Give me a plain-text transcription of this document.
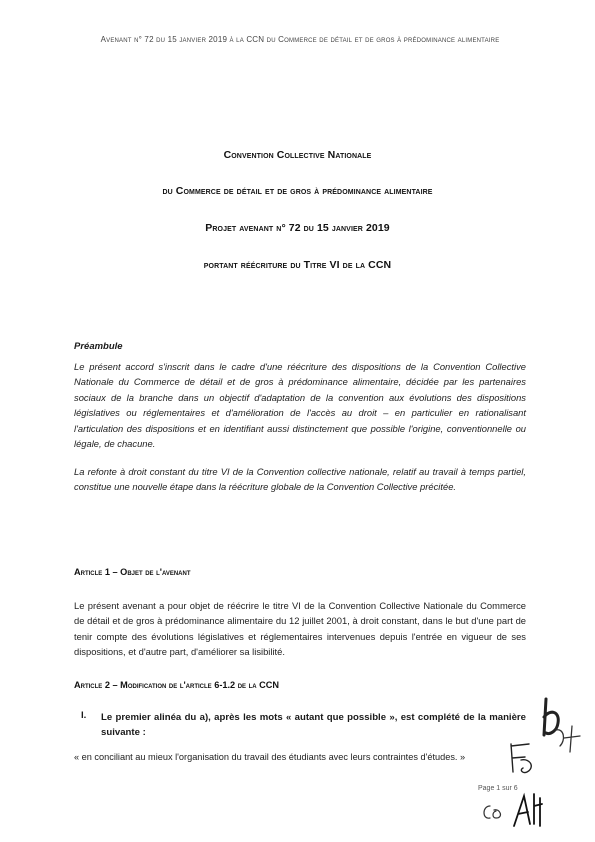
Avenant n° 72 du 15 janvier 2019 à la CCN du Commerce de détail et de gros à prédominance alimentaire
Convention Collective Nationale
du Commerce de détail et de gros à prédominance alimentaire
Projet avenant n° 72 du 15 janvier 2019
portant réécriture du Titre VI de la CCN
Préambule

Le présent accord s'inscrit dans le cadre d'une réécriture des dispositions de la Convention Collective Nationale du Commerce de détail et de gros à prédominance alimentaire, décidée par les partenaires sociaux de la branche dans un objectif d'adaptation de la convention aux évolutions des dispositions législatives ou réglementaires et d'amélioration de l'accès au droit – en particulier en rationalisant l'articulation des dispositions et en identifiant aussi distinctement que possible l'origine, conventionnelle ou légale, de chacune.

La refonte à droit constant du titre VI de la Convention collective nationale, relatif au travail à temps partiel, constitue une nouvelle étape dans la réécriture globale de la Convention Collective précitée.

Article 1 – Objet de l'avenant

Le présent avenant a pour objet de réécrire le titre VI de la Convention Collective Nationale du Commerce de détail et de gros à prédominance alimentaire du 12 juillet 2001, à droit constant, dans le but d'une part de tenir compte des évolutions législatives et réglementaires intervenues depuis l'entrée en vigueur de ses dispositions, et d'autre part, d'améliorer sa lisibilité.

Article 2 – Modification de l'article 6-1.2 de la CCN
I. Le premier alinéa du a), après les mots « autant que possible », est complété de la manière suivante :
« en conciliant au mieux l'organisation du travail des étudiants avec leurs contraintes d'études. »
Page 1 sur 6
